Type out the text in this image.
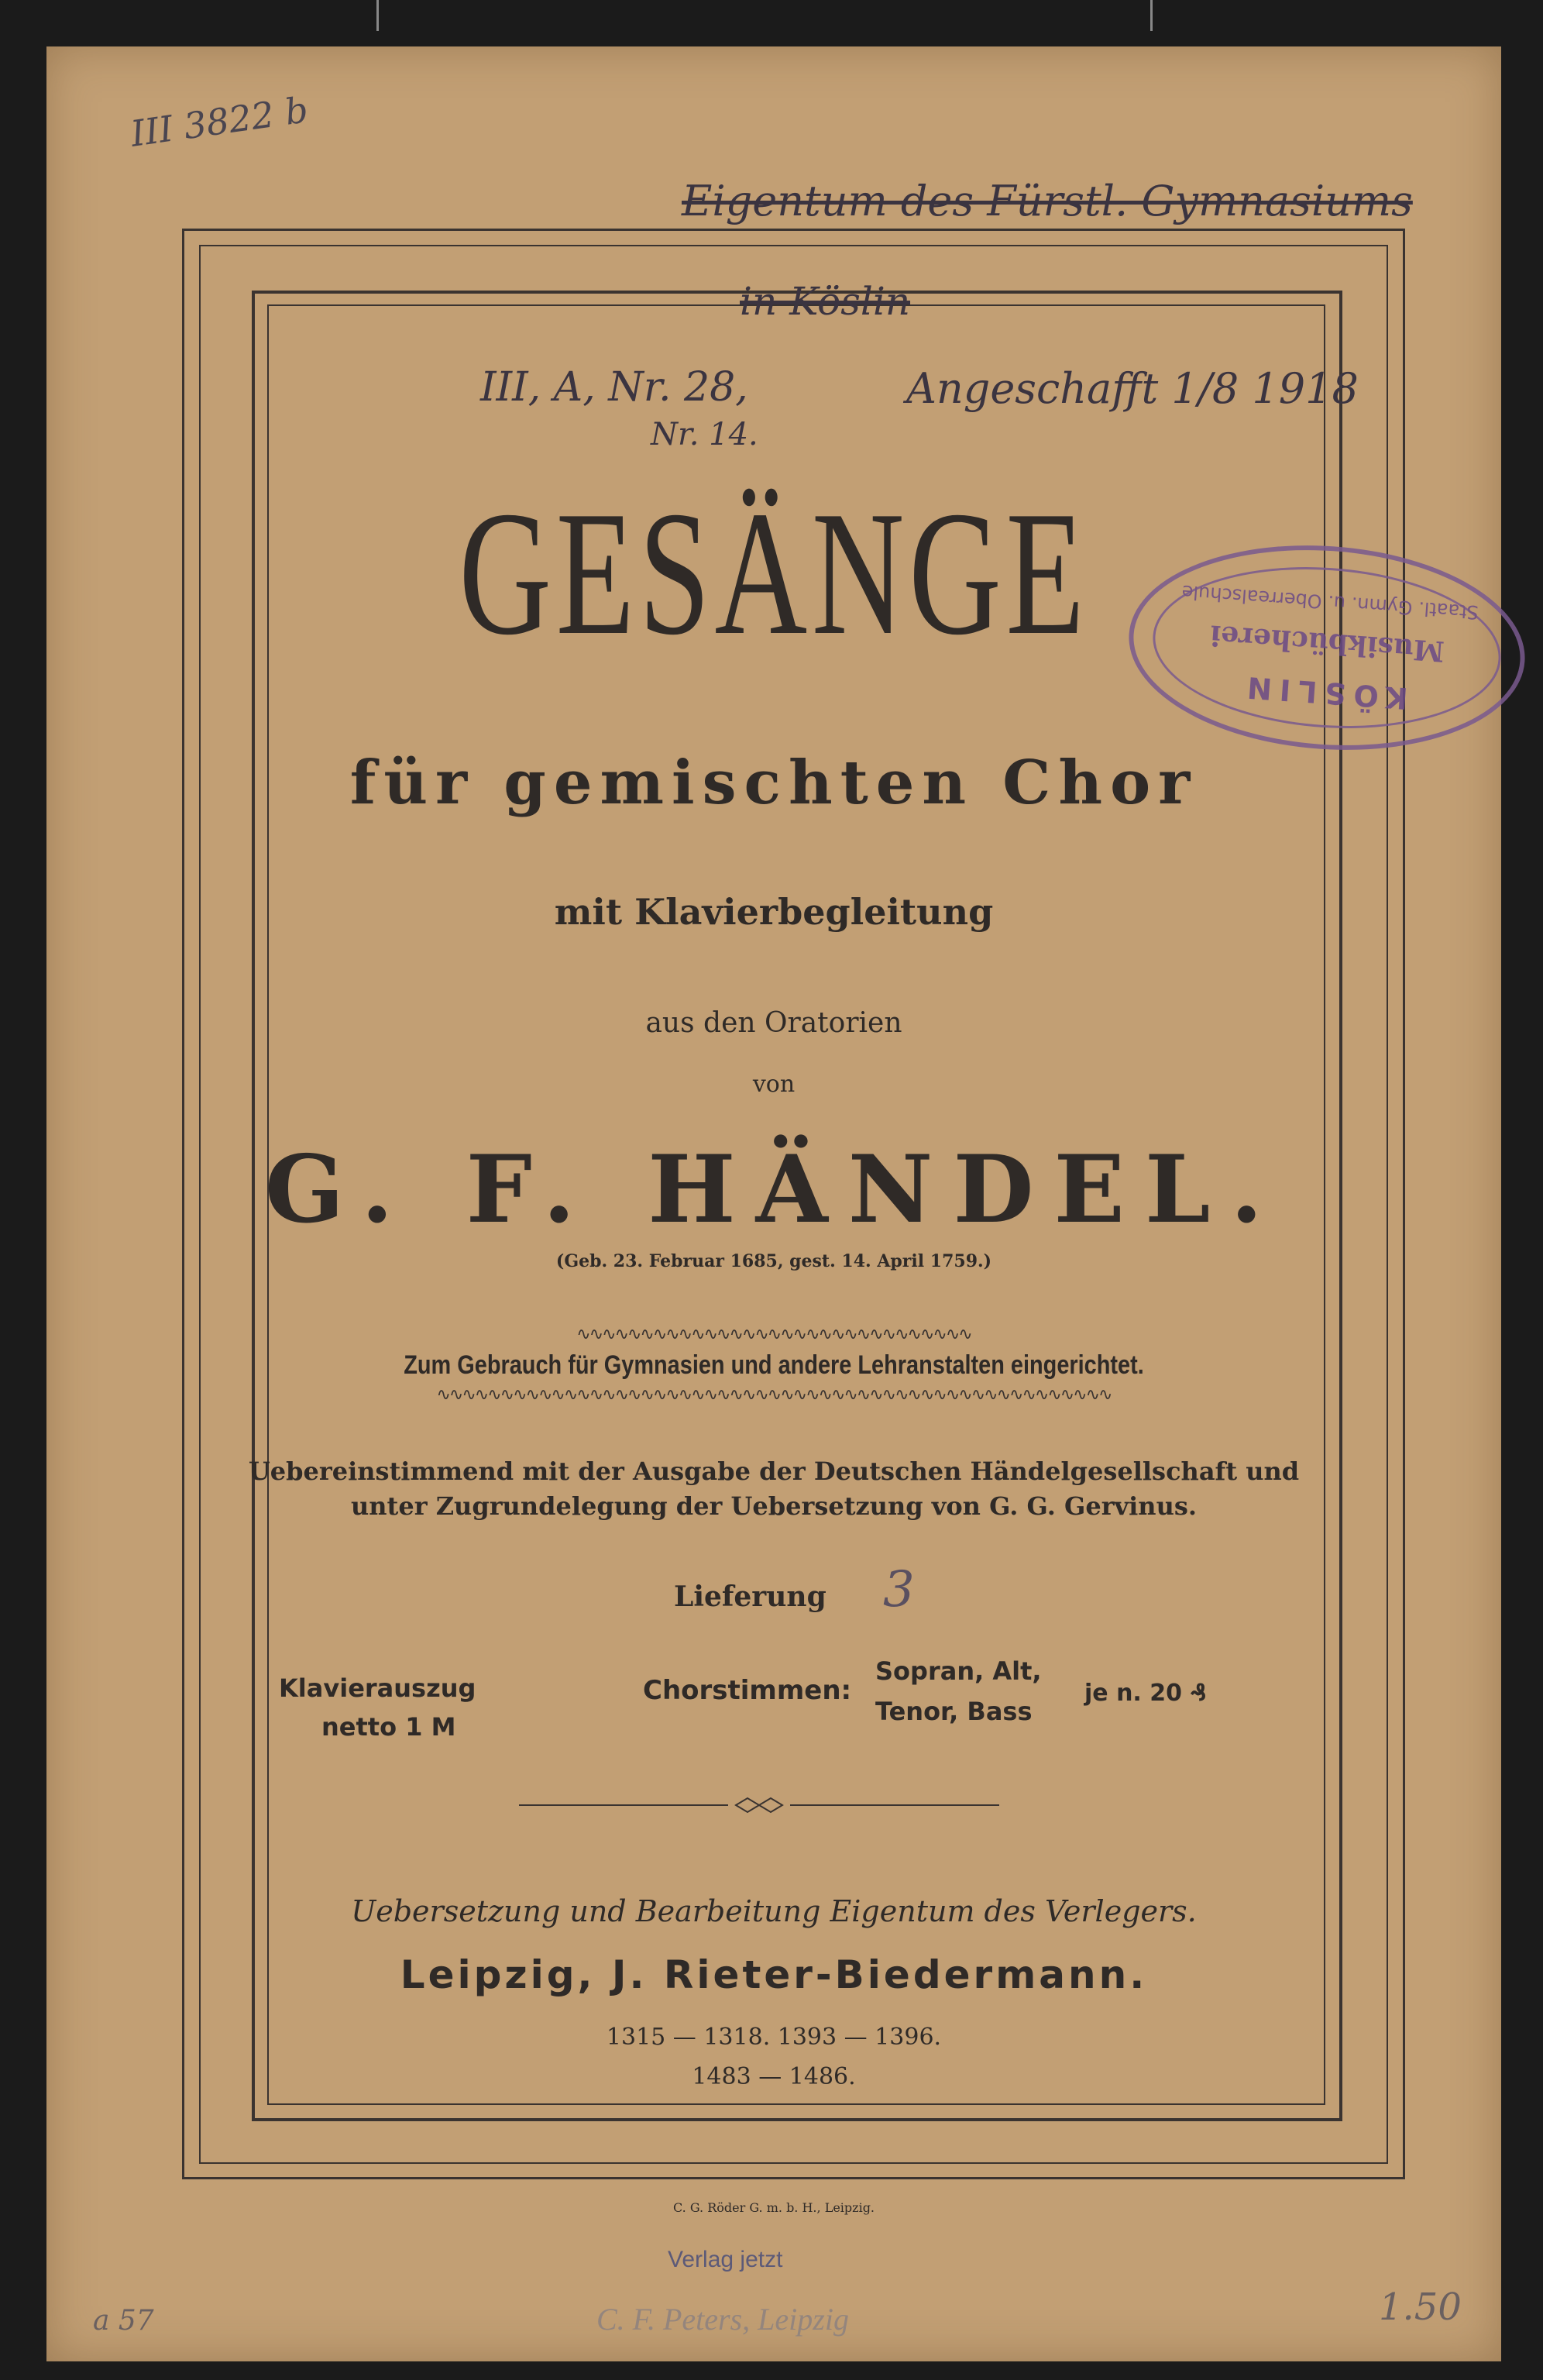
III 3822 b
Eigentum des Fürstl. Gymnasiums
in Köslin
III, A, Nr. 28,
Nr. 14.
Angeschafft 1/8 1918
KÖSLIN
Musikbücherei
Staatl. Gymn. u. Oberrealschule
GESÄNGE
für gemischten Chor
mit Klavierbegleitung
aus den Oratorien
von
G. F. HÄNDEL.
(Geb. 23. Februar 1685, gest. 14. April 1759.)
∿∿∿∿∿∿∿∿∿∿∿∿∿∿∿∿∿∿∿∿∿∿∿∿∿∿∿∿∿∿∿
Zum Gebrauch für Gymnasien und andere Lehranstalten eingerichtet.
∿∿∿∿∿∿∿∿∿∿∿∿∿∿∿∿∿∿∿∿∿∿∿∿∿∿∿∿∿∿∿∿∿∿∿∿∿∿∿∿∿∿∿∿∿∿∿∿∿∿∿∿∿
Uebereinstimmend mit der Ausgabe der Deutschen Händelgesellschaft und
unter Zugrundelegung der Uebersetzung von G. G. Gervinus.
Lieferung 3
Klavierauszug
netto 1 M
Chorstimmen:
Sopran, Alt,
Tenor, Bass
je n. 20 ₰
Uebersetzung und Bearbeitung Eigentum des Verlegers.
Leipzig, J. Rieter-Biedermann.
1315 — 1318. 1393 — 1396.
1483 — 1486.
C. G. Röder G. m. b. H., Leipzig.
Verlag jetzt
C. F. Peters, Leipzig
a 57	1.50
